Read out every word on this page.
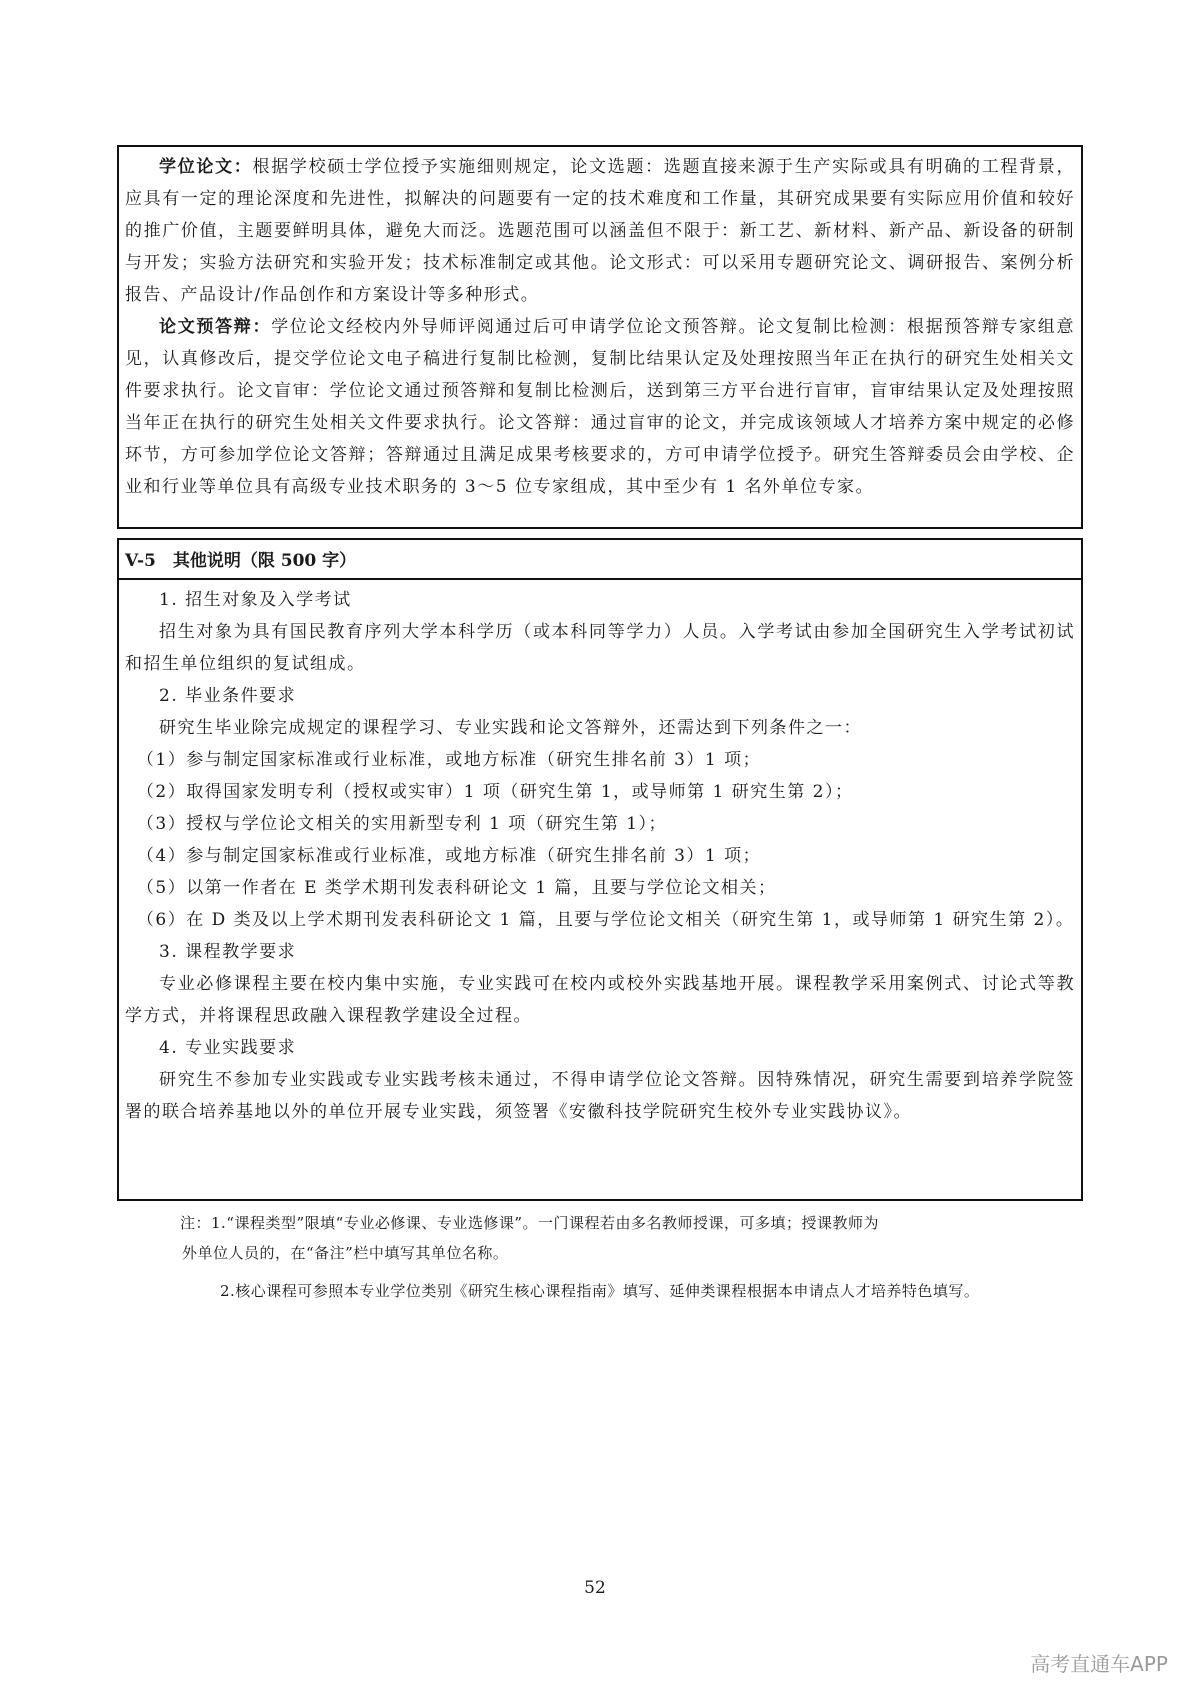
学位论文：根据学校硕士学位授予实施细则规定，论文选题：选题直接来源于生产实际或具有明确的工程背景，应具有一定的理论深度和先进性，拟解决的问题要有一定的技术难度和工作量，其研究成果要有实际应用价值和较好的推广价值，主题要鲜明具体，避免大而泛。选题范围可以涵盖但不限于：新工艺、新材料、新产品、新设备的研制与开发；实验方法研究和实验开发；技术标准制定或其他。论文形式：可以采用专题研究论文、调研报告、案例分析报告、产品设计/作品创作和方案设计等多种形式。

论文预答辩：学位论文经校内外导师评阅通过后可申请学位论文预答辩。论文复制比检测：根据预答辩专家组意见，认真修改后，提交学位论文电子稿进行复制比检测，复制比结果认定及处理按照当年正在执行的研究生处相关文件要求执行。论文盲审：学位论文通过预答辩和复制比检测后，送到第三方平台进行盲审，盲审结果认定及处理按照当年正在执行的研究生处相关文件要求执行。论文答辩：通过盲审的论文，并完成该领域人才培养方案中规定的必修环节，方可参加学位论文答辩；答辩通过且满足成果考核要求的，方可申请学位授予。研究生答辩委员会由学校、企业和行业等单位具有高级专业技术职务的 3～5 位专家组成，其中至少有 1 名外单位专家。

V-5　其他说明（限 500 字）

1. 招生对象及入学考试

招生对象为具有国民教育序列大学本科学历（或本科同等学力）人员。入学考试由参加全国研究生入学考试初试和招生单位组织的复试组成。

2. 毕业条件要求

研究生毕业除完成规定的课程学习、专业实践和论文答辩外，还需达到下列条件之一：

（1）参与制定国家标准或行业标准，或地方标准（研究生排名前 3）1 项；

（2）取得国家发明专利（授权或实审）1 项（研究生第 1，或导师第 1 研究生第 2）；

（3）授权与学位论文相关的实用新型专利 1 项（研究生第 1）；

（4）参与制定国家标准或行业标准，或地方标准（研究生排名前 3）1 项；

（5）以第一作者在 E 类学术期刊发表科研论文 1 篇，且要与学位论文相关；

（6）在 D 类及以上学术期刊发表科研论文 1 篇，且要与学位论文相关（研究生第 1，或导师第 1 研究生第 2）。

3. 课程教学要求

专业必修课程主要在校内集中实施，专业实践可在校内或校外实践基地开展。课程教学采用案例式、讨论式等教学方式，并将课程思政融入课程教学建设全过程。

4. 专业实践要求

研究生不参加专业实践或专业实践考核未通过，不得申请学位论文答辩。因特殊情况，研究生需要到培养学院签署的联合培养基地以外的单位开展专业实践，须签署《安徽科技学院研究生校外专业实践协议》。

注：1.“课程类型”限填“专业必修课、专业选修课”。一门课程若由多名教师授课，可多填；授课教师为

外单位人员的，在“备注”栏中填写其单位名称。

2.核心课程可参照本专业学位类别《研究生核心课程指南》填写、延伸类课程根据本申请点人才培养特色填写。

52
高考直通车APP
